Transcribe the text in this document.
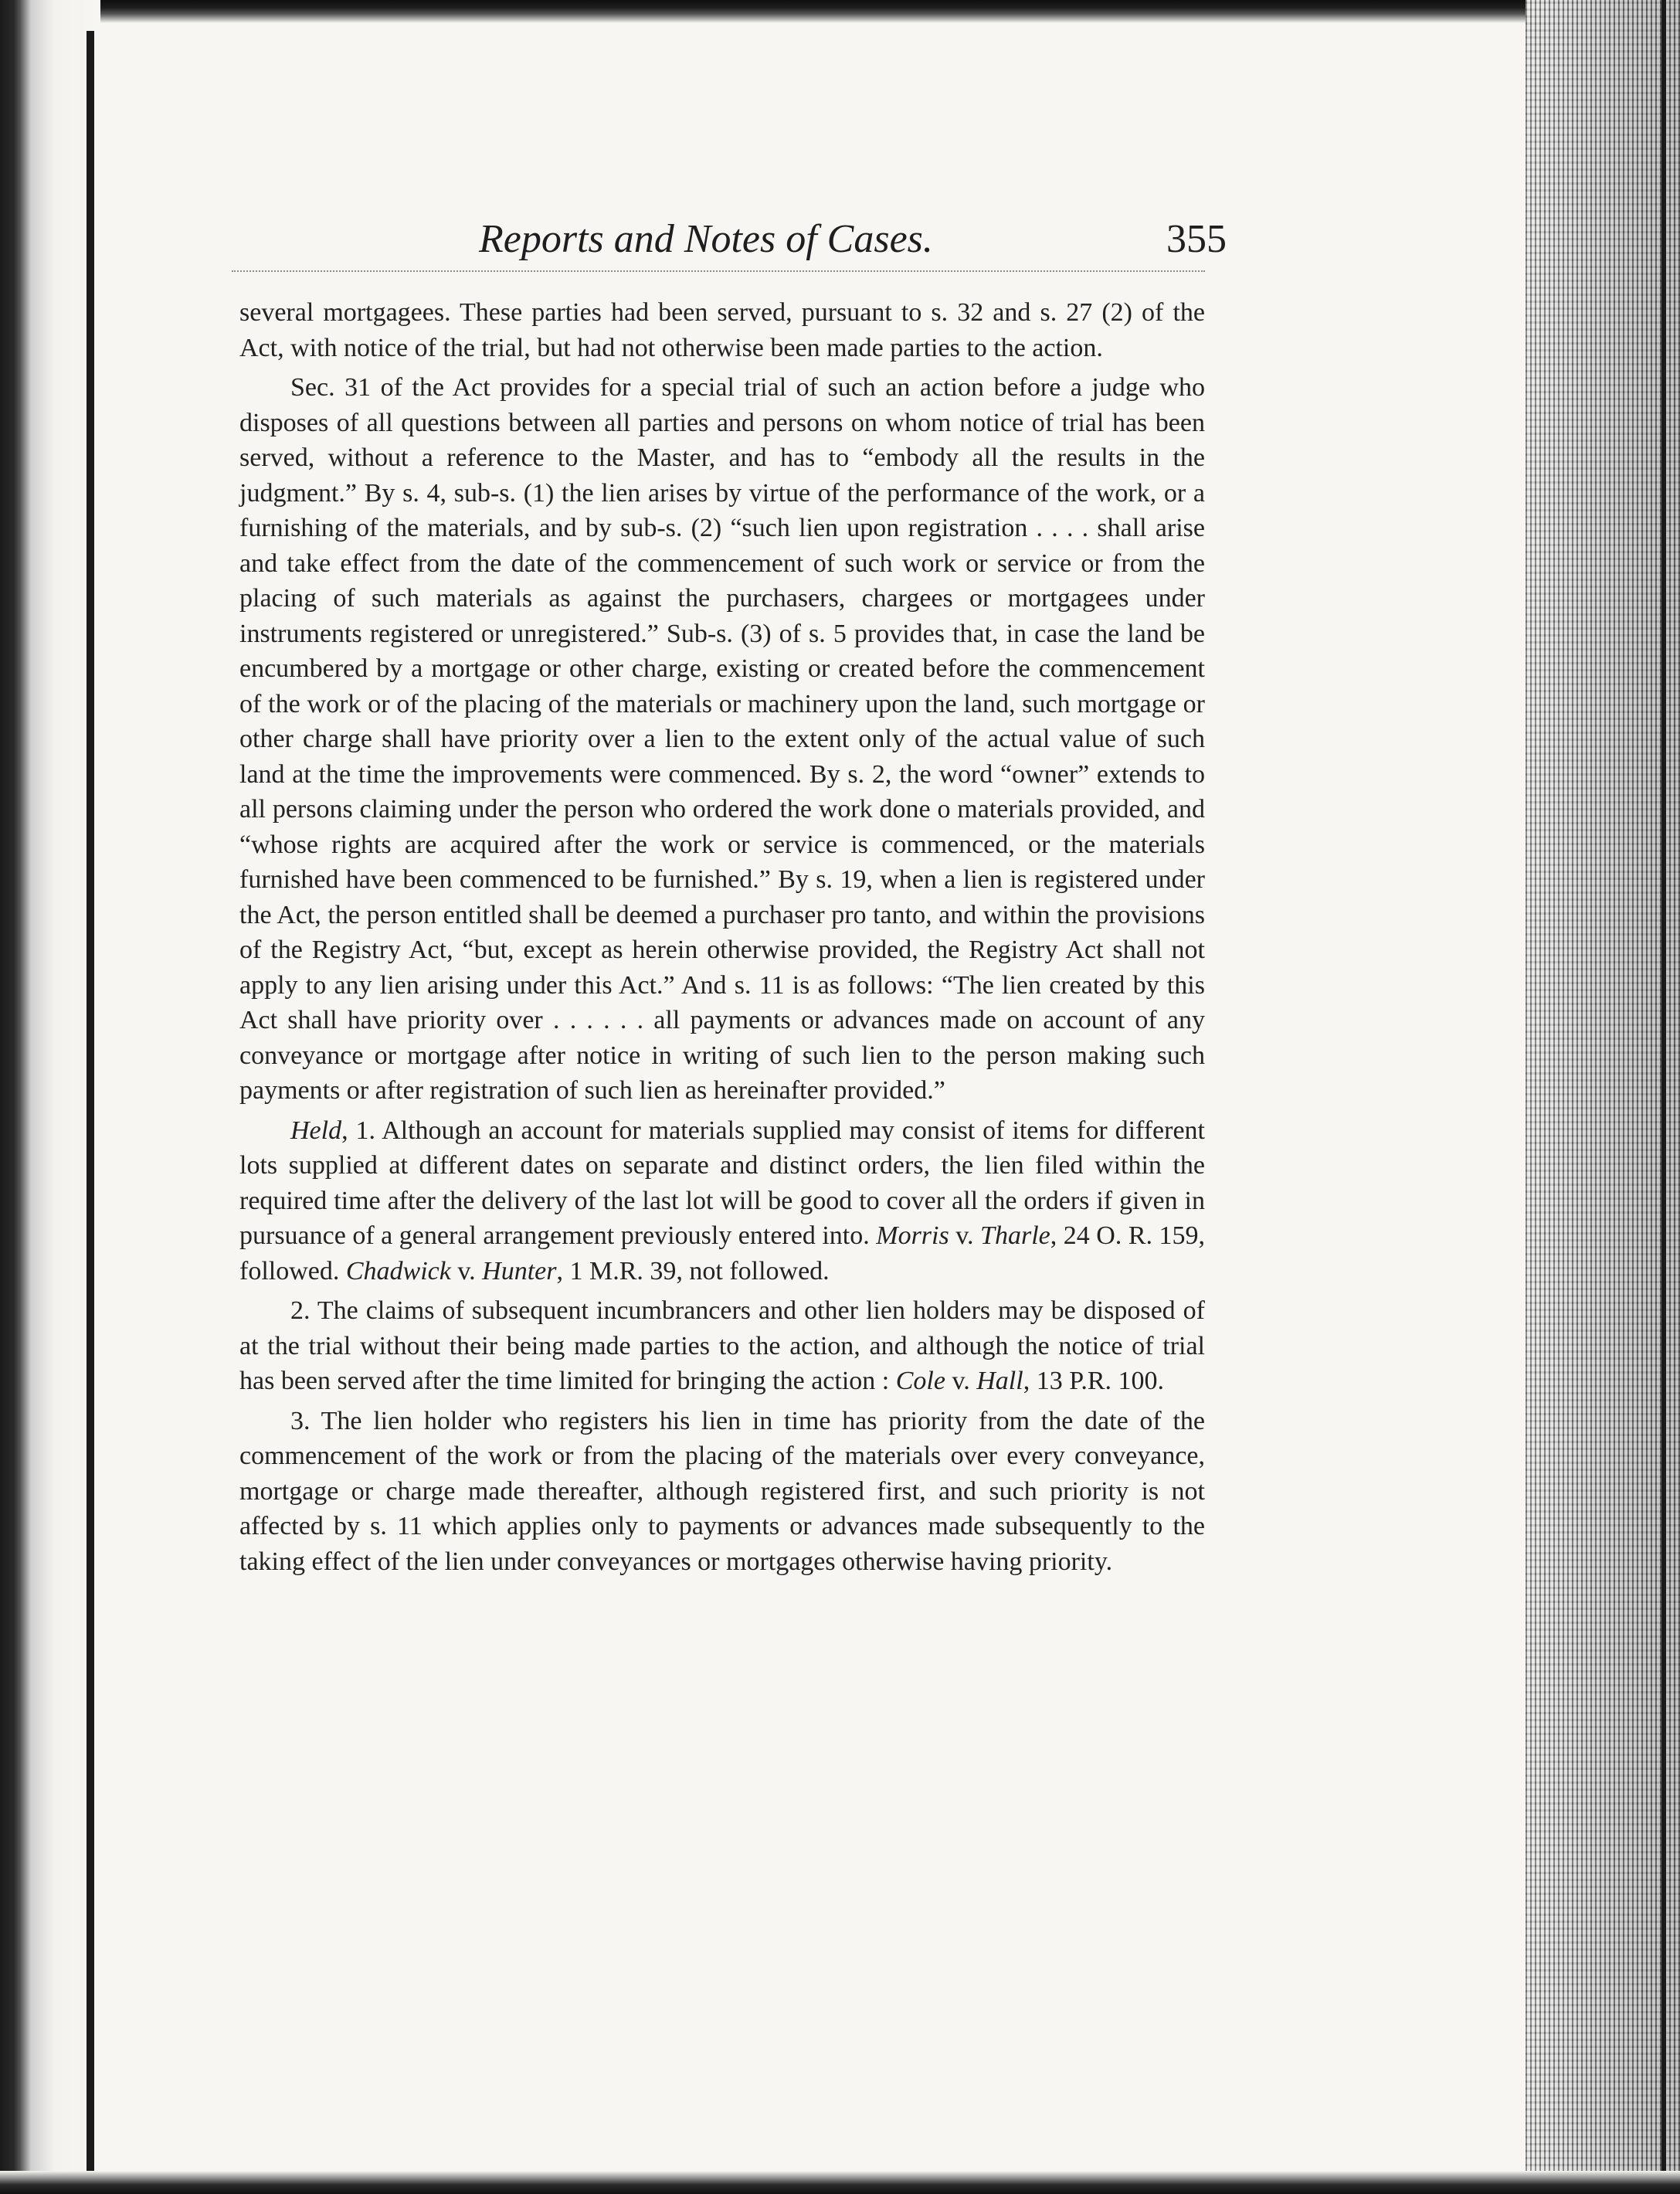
Reports and Notes of Cases.	355

several mortgagees. These parties had been served, pursuant to s. 32 and s. 27 (2) of the Act, with notice of the trial, but had not otherwise been made parties to the action.

Sec. 31 of the Act provides for a special trial of such an action before a judge who disposes of all questions between all parties and persons on whom notice of trial has been served, without a reference to the Master, and has to “embody all the results in the judgment.” By s. 4, sub-s. (1) the lien arises by virtue of the performance of the work, or a furnishing of the materials, and by sub-s. (2) “such lien upon registration . . . . shall arise and take effect from the date of the commencement of such work or service or from the placing of such materials as against the purchasers, chargees or mortgagees under instruments registered or unregistered.” Sub-s. (3) of s. 5 provides that, in case the land be encumbered by a mortgage or other charge, existing or created before the commencement of the work or of the placing of the materials or machinery upon the land, such mortgage or other charge shall have priority over a lien to the extent only of the actual value of such land at the time the improvements were commenced. By s. 2, the word “owner” extends to all persons claiming under the person who ordered the work done o materials provided, and “whose rights are acquired after the work or service is commenced, or the materials furnished have been commenced to be furnished.” By s. 19, when a lien is registered under the Act, the person entitled shall be deemed a purchaser pro tanto, and within the provisions of the Registry Act, “but, except as herein otherwise provided, the Registry Act shall not apply to any lien arising under this Act.” And s. 11 is as follows: “The lien created by this Act shall have priority over . . . . . . all payments or advances made on account of any conveyance or mortgage after notice in writing of such lien to the person making such payments or after registration of such lien as hereinafter provided.”

Held, 1. Although an account for materials supplied may consist of items for different lots supplied at different dates on separate and distinct orders, the lien filed within the required time after the delivery of the last lot will be good to cover all the orders if given in pursuance of a general arrangement previously entered into. Morris v. Tharle, 24 O. R. 159, followed. Chadwick v. Hunter, 1 M.R. 39, not followed.

2. The claims of subsequent incumbrancers and other lien holders may be disposed of at the trial without their being made parties to the action, and although the notice of trial has been served after the time limited for bringing the action : Cole v. Hall, 13 P.R. 100.

3. The lien holder who registers his lien in time has priority from the date of the commencement of the work or from the placing of the materials over every conveyance, mortgage or charge made thereafter, although registered first, and such priority is not affected by s. 11 which applies only to payments or advances made subsequently to the taking effect of the lien under conveyances or mortgages otherwise having priority.
